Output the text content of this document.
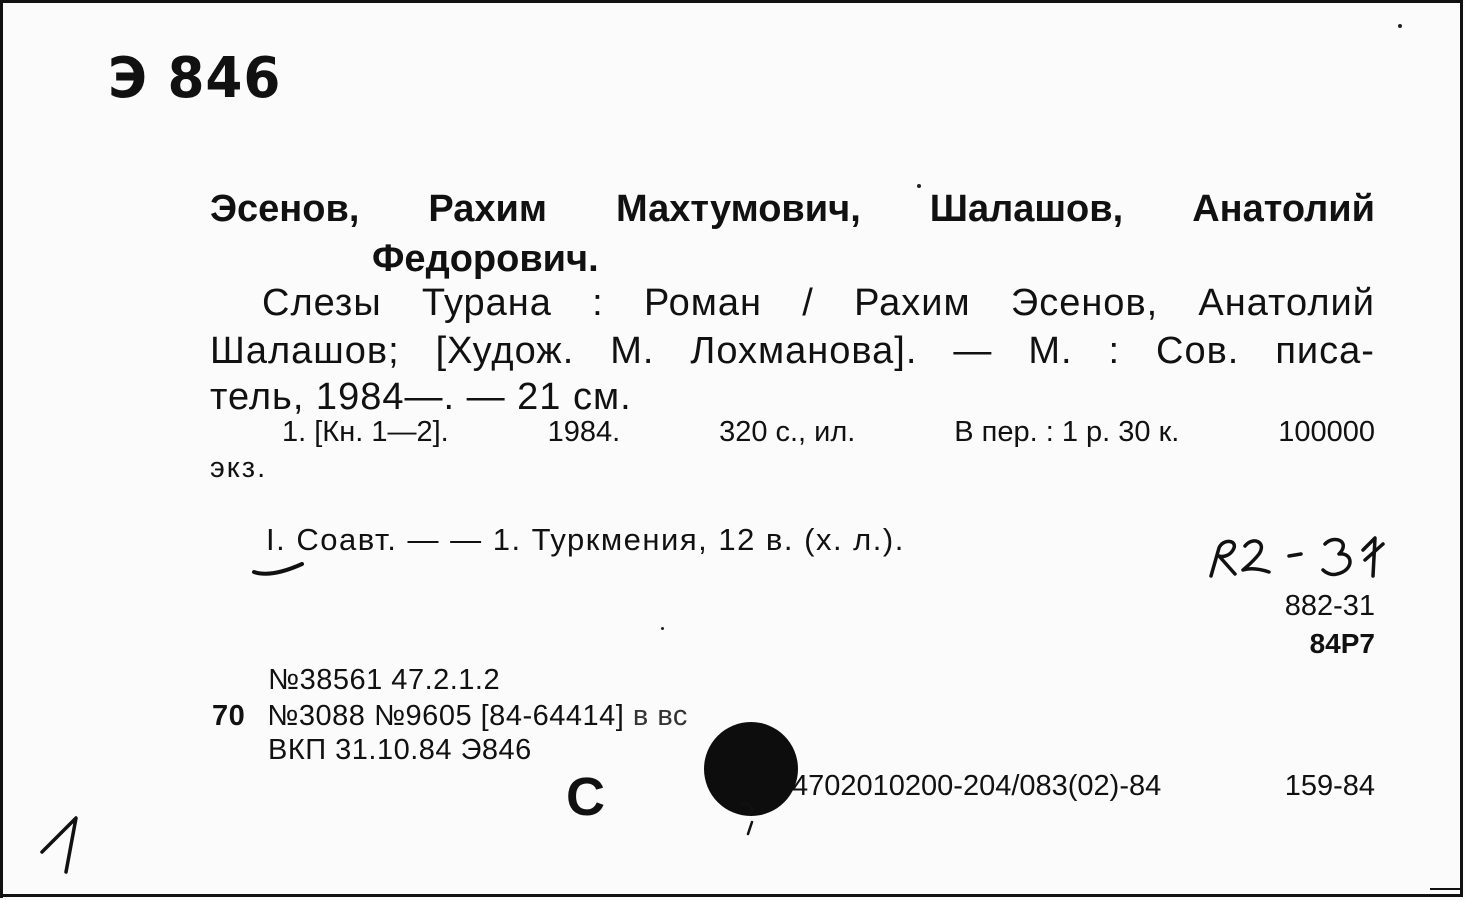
Э 846
Эсенов, Рахим Махтумович, Шалашов, Анатолий
Федорович.
Слезы Турана : Роман / Рахим Эсенов, Анатолий
Шалашов; [Худож. М. Лохманова]. — М. : Сов. писа-
тель, 1984—. — 21 см.
1. [Кн. 1—2].	1984.	320 с., ил.	В пер. : 1 р. 30 к.	100000
экз.
I. Соавт. — — 1. Туркмения, 12 в. (х. л.).
882-31
84Р7
№38561 47.2.1.2
70 №3088 №9605 [84-64414] в вс
ВКП 31.10.84 Э846
С	4702010200-204/083(02)-84	159-84
